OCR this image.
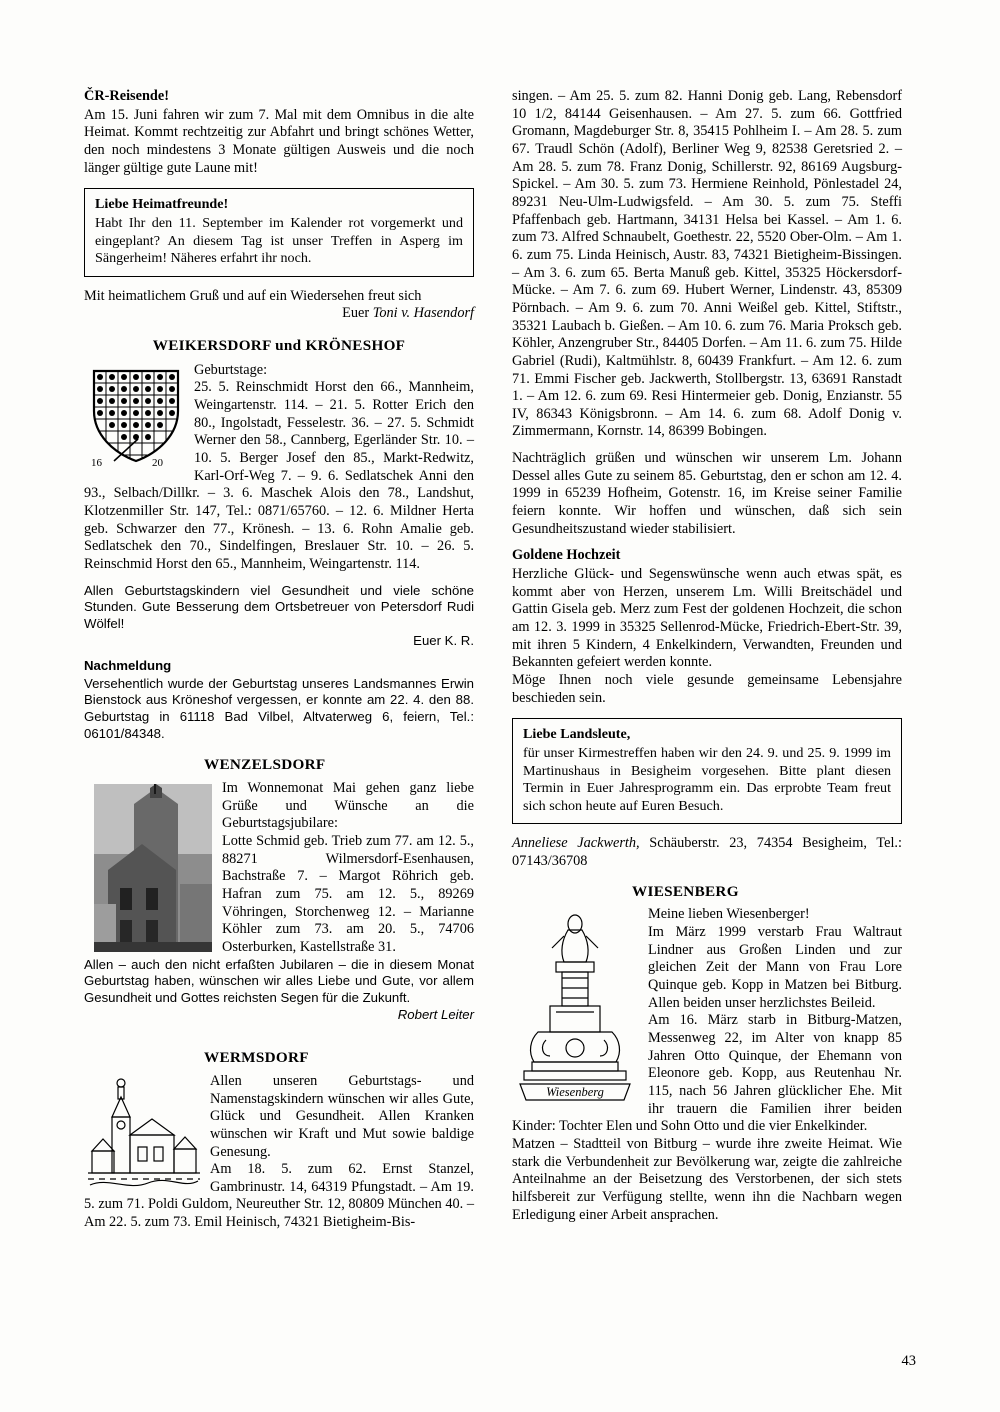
ČR-Reisende!

Am 15. Juni fahren wir zum 7. Mal mit dem Omnibus in die alte Heimat. Kommt rechtzeitig zur Abfahrt und bringt schönes Wetter, den noch mindestens 3 Monate gültigen Ausweis und die noch länger gültige gute Laune mit!

Liebe Heimatfreunde!
Habt Ihr den 11. September im Kalender rot vorgemerkt und eingeplant? An diesem Tag ist unser Treffen in Asperg im Sängerheim! Näheres erfahrt ihr noch.

Mit heimatlichem Gruß und auf ein Wiedersehen freut sich

Euer Toni v. Hasendorf

WEIKERSDORF und KRÖNESHOF
16	20

Geburtstage:

25. 5. Reinschmidt Horst den 66., Mannheim, Weingartenstr. 114. – 21. 5. Rotter Erich den 80., Ingolstadt, Fesselestr. 36. – 27. 5. Schmidt Werner den 58., Cannberg, Egerländer Str. 10. – 10. 5. Berger Josef den 85., Markt-Redwitz, Karl-Orf-Weg 7. – 9. 6. Sedlatschek Anni den 93., Selbach/Dillkr. – 3. 6. Maschek Alois den 78., Landshut, Klotzenmiller Str. 147, Tel.: 0871/65760. – 12. 6. Mildner Herta geb. Schwarzer den 77., Krönesh. – 13. 6. Rohn Amalie geb. Sedlatschek den 70., Sindelfingen, Breslauer Str. 10. – 26. 5. Reinschmid Horst den 65., Mannheim, Weingartenstr. 114.

Allen Geburtstagskindern viel Gesundheit und viele schöne Stunden. Gute Besserung dem Ortsbetreuer von Petersdorf Rudi Wölfel!

Euer K. R.

Nachmeldung

Versehentlich wurde der Geburtstag unseres Landsmannes Erwin Bienstock aus Kröneshof vergessen, er konnte am 22. 4. den 88. Geburtstag in 61118 Bad Vilbel, Altvaterweg 6, feiern, Tel.: 06101/84348.

WENZELSDORF

Im Wonnemonat Mai gehen ganz liebe Grüße und Wünsche an die Geburtstagsjubilare:

Lotte Schmid geb. Trieb zum 77. am 12. 5., 88271 Wilmersdorf-Esenhausen, Bachstraße 7. – Margot Röhrich geb. Hafran zum 75. am 12. 5., 89269 Vöhringen, Storchenweg 12. – Marianne Köhler zum 73. am 20. 5., 74706 Osterburken, Kastellstraße 31.

Allen – auch den nicht erfaßten Jubilaren – die in diesem Monat Geburtstag haben, wünschen wir alles Liebe und Gute, vor allem Gesundheit und Gottes reichsten Segen für die Zukunft.

Robert Leiter

WERMSDORF

Allen unseren Geburtstags- und Namenstagskindern wünschen wir alles Gute, Glück und Gesundheit. Allen Kranken wünschen wir Kraft und Mut sowie baldige Genesung.

Am 18. 5. zum 62. Ernst Stanzel, Gambrinustr. 14, 64319 Pfungstadt. – Am 19. 5. zum 71. Poldi Guldom, Neureuther Str. 12, 80809 München 40. – Am 22. 5. zum 73. Emil Heinisch, 74321 Bietigheim-Bis-

singen. – Am 25. 5. zum 82. Hanni Donig geb. Lang, Rebensdorf 10 1/2, 84144 Geisenhausen. – Am 27. 5. zum 66. Gottfried Gromann, Magdeburger Str. 8, 35415 Pohlheim I. – Am 28. 5. zum 67. Traudl Schön (Adolf), Berliner Weg 9, 82538 Geretsried 2. – Am 28. 5. zum 78. Franz Donig, Schillerstr. 92, 86169 Augsburg-Spickel. – Am 30. 5. zum 73. Hermiene Reinhold, Pönlestadel 24, 89231 Neu-Ulm-Ludwigsfeld. – Am 30. 5. zum 75. Steffi Pfaffenbach geb. Hartmann, 34131 Helsa bei Kassel. – Am 1. 6. zum 73. Alfred Schnaubelt, Goethestr. 22, 5520 Ober-Olm. – Am 1. 6. zum 75. Linda Heinisch, Austr. 83, 74321 Bietigheim-Bissingen. – Am 3. 6. zum 65. Berta Manuß geb. Kittel, 35325 Höckersdorf-Mücke. – Am 7. 6. zum 69. Hubert Werner, Lindenstr. 43, 85309 Pörnbach. – Am 9. 6. zum 70. Anni Weißel geb. Kittel, Stiftstr., 35321 Laubach b. Gießen. – Am 10. 6. zum 76. Maria Proksch geb. Köhler, Anzengruber Str., 84405 Dorfen. – Am 11. 6. zum 75. Hilde Gabriel (Rudi), Kaltmühlstr. 8, 60439 Frankfurt. – Am 12. 6. zum 71. Emmi Fischer geb. Jackwerth, Stollbergstr. 13, 63691 Ranstadt 1. – Am 12. 6. zum 69. Resi Hintermeier geb. Donig, Enzianstr. 55 IV, 86343 Königsbronn. – Am 14. 6. zum 68. Adolf Donig v. Zimmermann, Kornstr. 14, 86399 Bobingen.

Nachträglich grüßen und wünschen wir unserem Lm. Johann Dessel alles Gute zu seinem 85. Geburtstag, den er schon am 12. 4. 1999 in 65239 Hofheim, Gotenstr. 16, im Kreise seiner Familie feiern konnte. Wir hoffen und wünschen, daß sich sein Gesundheitszustand wieder stabilisiert.

Goldene Hochzeit

Herzliche Glück- und Segenswünsche wenn auch etwas spät, es kommt aber von Herzen, unserem Lm. Willi Breitschädel und Gattin Gisela geb. Merz zum Fest der goldenen Hochzeit, die schon am 12. 3. 1999 in 35325 Sellenrod-Mücke, Friedrich-Ebert-Str. 39, mit ihren 5 Kindern, 4 Enkelkindern, Verwandten, Freunden und Bekannten gefeiert werden konnte.

Möge Ihnen noch viele gesunde gemeinsame Lebensjahre beschieden sein.

Liebe Landsleute,
für unser Kirmestreffen haben wir den 24. 9. und 25. 9. 1999 im Martinushaus in Besigheim vorgesehen. Bitte plant diesen Termin in Euer Jahresprogramm ein. Das erprobte Team freut sich schon heute auf Euren Besuch.

Anneliese Jackwerth, Schäuberstr. 23, 74354 Besigheim, Tel.: 07143/36708

WIESENBERG
Wiesenberg

Meine lieben Wiesenberger!

Im März 1999 verstarb Frau Waltraut Lindner aus Großen Linden und zur gleichen Zeit der Mann von Frau Lore Quinque geb. Kopp in Matzen bei Bitburg. Allen beiden unser herzlichstes Beileid.

Am 16. März starb in Bitburg-Matzen, Messenweg 22, im Alter von knapp 85 Jahren Otto Quinque, der Ehemann von Eleonore geb. Kopp, aus Reutenhau Nr. 115, nach 56 Jahren glücklicher Ehe. Mit ihr trauern die Familien ihrer beiden Kinder: Tochter Elen und Sohn Otto und die vier Enkelkinder.

Matzen – Stadtteil von Bitburg – wurde ihre zweite Heimat. Wie stark die Verbundenheit zur Bevölkerung war, zeigte die zahlreiche Anteilnahme an der Beisetzung des Verstorbenen, der sich stets hilfsbereit zur Verfügung stellte, wenn ihn die Nachbarn wegen Erledigung einer Arbeit ansprachen.

43
